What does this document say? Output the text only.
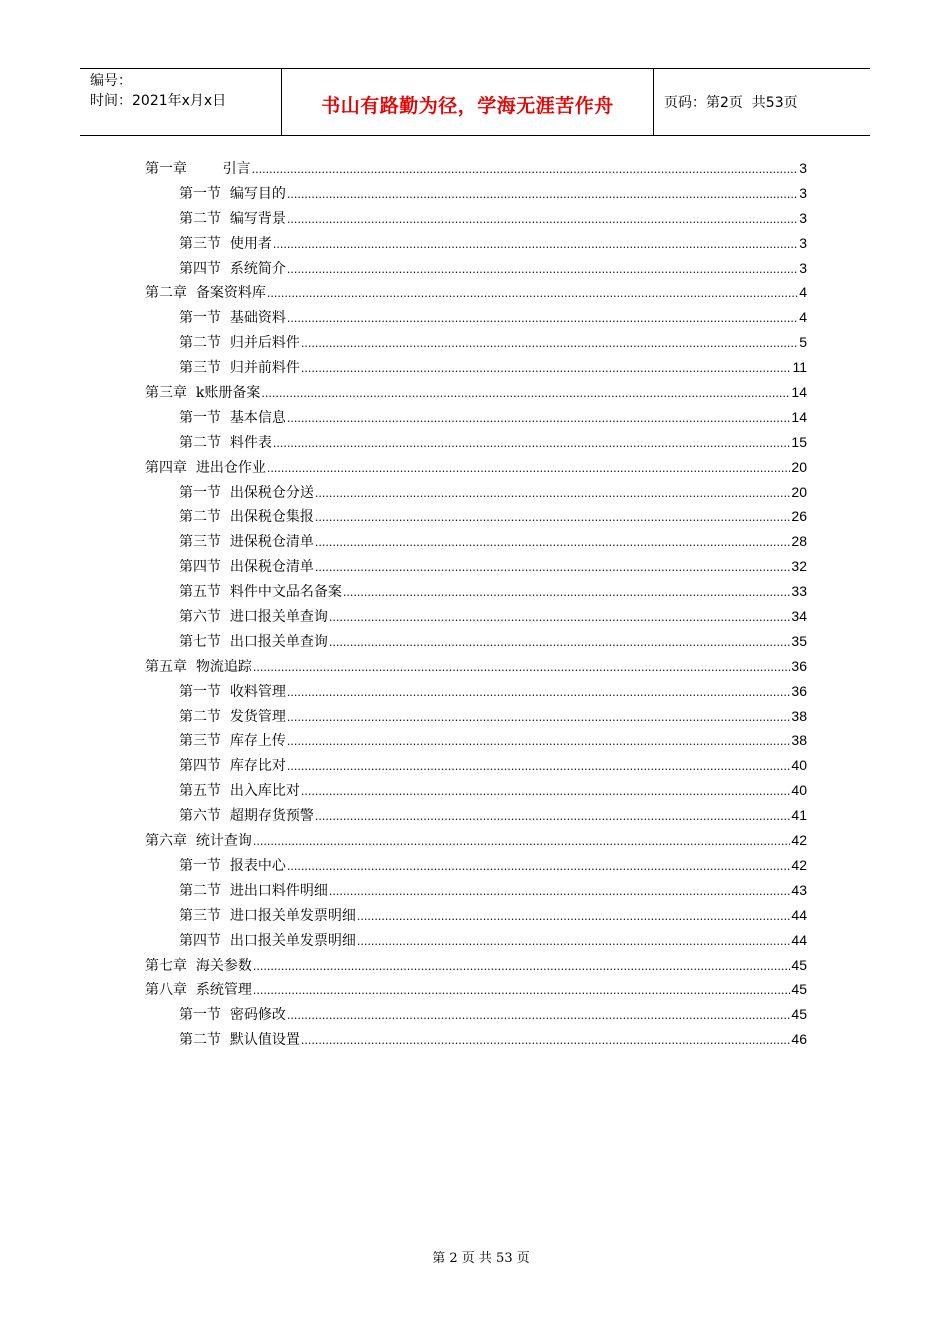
编号：
时间：2021年x月x日	书山有路勤为径，学海无涯苦作舟	页码：第2页  共53页
第一章        引言 .....	3
第一节  编写目的 .....	3
第二节  编写背景 .....	3
第三节  使用者 .....	3
第四节  系统简介 .....	3
第二章  备案资料库 .....	4
第一节  基础资料 .....	4
第二节  归并后料件 .....	5
第三节  归并前料件 .....	11
第三章  k账册备案 .....	14
第一节  基本信息 .....	14
第二节  料件表 .....	15
第四章  进出仓作业 .....	20
第一节  出保税仓分送 .....	20
第二节  出保税仓集报 .....	26
第三节  进保税仓清单 .....	28
第四节  出保税仓清单 .....	32
第五节  料件中文品名备案 .....	33
第六节  进口报关单查询 .....	34
第七节  出口报关单查询 .....	35
第五章  物流追踪 .....	36
第一节  收料管理 .....	36
第二节  发货管理 .....	38
第三节  库存上传 .....	38
第四节  库存比对 .....	40
第五节  出入库比对 .....	40
第六节  超期存货预警 .....	41
第六章  统计查询 .....	42
第一节  报表中心 .....	42
第二节  进出口料件明细 .....	43
第三节  进口报关单发票明细 .....	44
第四节  出口报关单发票明细 .....	44
第七章  海关参数 .....	45
第八章  系统管理 .....	45
第一节  密码修改 .....	45
第二节  默认值设置 .....	46
第 2 页 共 53 页
